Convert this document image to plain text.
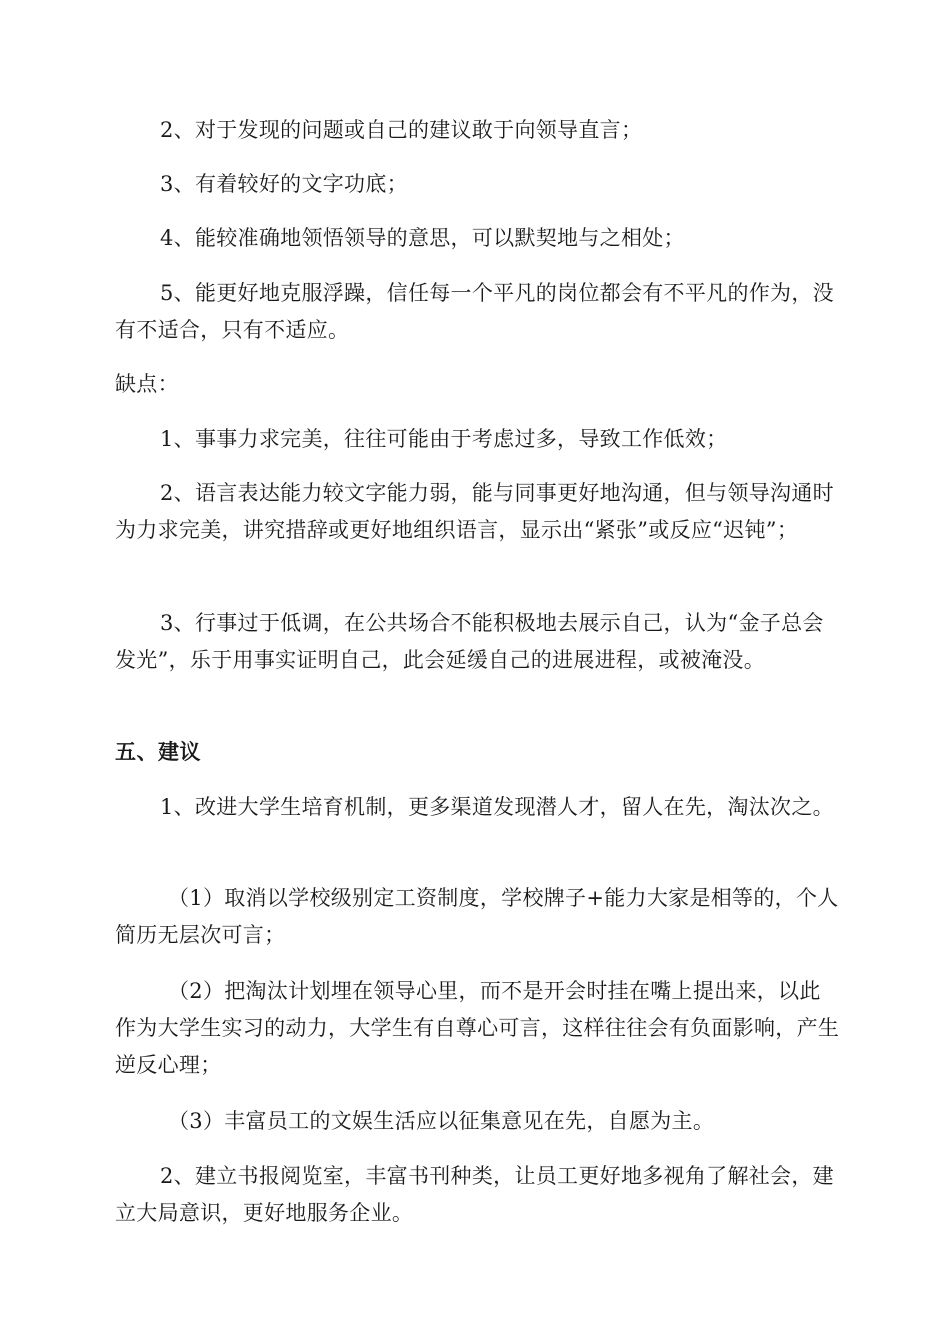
2、对于发现的问题或自己的建议敢于向领导直言；
3、有着较好的文字功底；
4、能较准确地领悟领导的意思，可以默契地与之相处；
5、能更好地克服浮躁，信任每一个平凡的岗位都会有不平凡的作为，没有不适合，只有不适应。
缺点：
1、事事力求完美，往往可能由于考虑过多，导致工作低效；
2、语言表达能力较文字能力弱，能与同事更好地沟通，但与领导沟通时为力求完美，讲究措辞或更好地组织语言，显示出“紧张”或反应“迟钝”；
3、行事过于低调，在公共场合不能积极地去展示自己，认为“金子总会发光”，乐于用事实证明自己，此会延缓自己的进展进程，或被淹没。
五、建议
1、改进大学生培育机制，更多渠道发现潜人才，留人在先，淘汰次之。
（1）取消以学校级别定工资制度，学校牌子+能力大家是相等的，个人简历无层次可言；
（2）把淘汰计划埋在领导心里，而不是开会时挂在嘴上提出来，以此作为大学生实习的动力，大学生有自尊心可言，这样往往会有负面影响，产生逆反心理；
（3）丰富员工的文娱生活应以征集意见在先，自愿为主。
2、建立书报阅览室，丰富书刊种类，让员工更好地多视角了解社会，建立大局意识，更好地服务企业。
